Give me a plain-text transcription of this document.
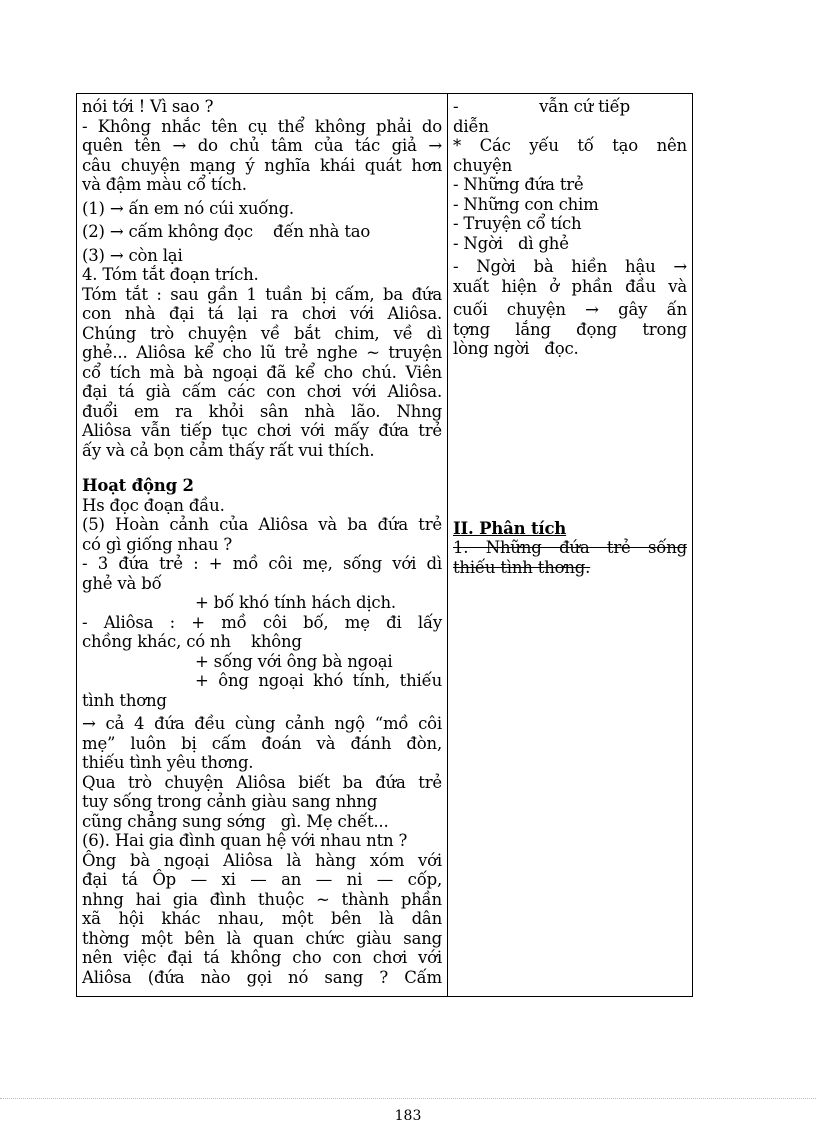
nói tới ! Vì sao ?
- Không nhắc tên cụ thể không phải do
quên tên → do chủ tâm của tác giả →
câu chuyện mạng ý nghĩa khái quát hơn
và đậm màu cổ tích.
(1) → ấn em nó cúi xuống.
(2) → cấm không đọc    đến nhà tao
(3) → còn lại
4. Tóm tắt đoạn trích.
Tóm tắt : sau gần 1 tuần bị cấm, ba đứa
con nhà đại tá lại ra chơi với Aliôsa.
Chúng trò chuyện về bắt chim, về dì
ghẻ... Aliôsa kể cho lũ trẻ nghe ~ truyện
cổ tích mà bà ngoại đã kể cho chú. Viên
đại tá già cấm các con chơi với Aliôsa.
đuổi em ra khỏi sân nhà lão. Nhng
Aliôsa vẫn tiếp tục chơi với mấy đứa trẻ
ấy và cả bọn cảm thấy rất vui thích.
Hoạt động 2
Hs đọc đoạn đầu.
(5) Hoàn cảnh của Aliôsa và ba đứa trẻ
có gì giống nhau ?
- 3 đứa trẻ : + mồ côi mẹ, sống với dì
ghẻ và bố
+ bố khó tính hách dịch.
- Aliôsa : + mồ côi bố, mẹ đi lấy
chồng khác, có nh    không
+ sống với ông bà ngoại
+ ông ngoại khó tính, thiếu
tình thơng
→ cả 4 đứa đều cùng cảnh ngộ “mồ côi
mẹ” luôn bị cấm đoán và đánh đòn,
thiếu tình yêu thơng.
Qua trò chuyện Aliôsa biết ba đứa trẻ
tuy sống trong cảnh giàu sang nhng
cũng chẳng sung sớng   gì. Mẹ chết...
(6). Hai gia đình quan hệ với nhau ntn ?
Ông bà ngoại Aliôsa là hàng xóm với
đại tá Ôp — xi — an — ni — cốp,
nhng hai gia đình thuộc ~ thành phần
xã hội khác nhau, một bên là dân
thờng một bên là quan chức giàu sang
nên việc đại tá không cho con chơi với
Aliôsa (đứa nào gọi nó sang ? Cấm
-                vẫn cứ tiếp
diễn
* Các yếu tố tạo nên
chuyện
- Những đứa trẻ
- Những con chim
- Truyện cổ tích
- Ngời   dì ghẻ
- Ngời bà hiền hậu →
xuất hiện ở phần đầu và
cuối chuyện → gây ấn
tợng lắng đọng trong
lòng ngời   đọc.
II. Phân tích
1. Những đứa trẻ sống
thiếu tình thơng.
183
